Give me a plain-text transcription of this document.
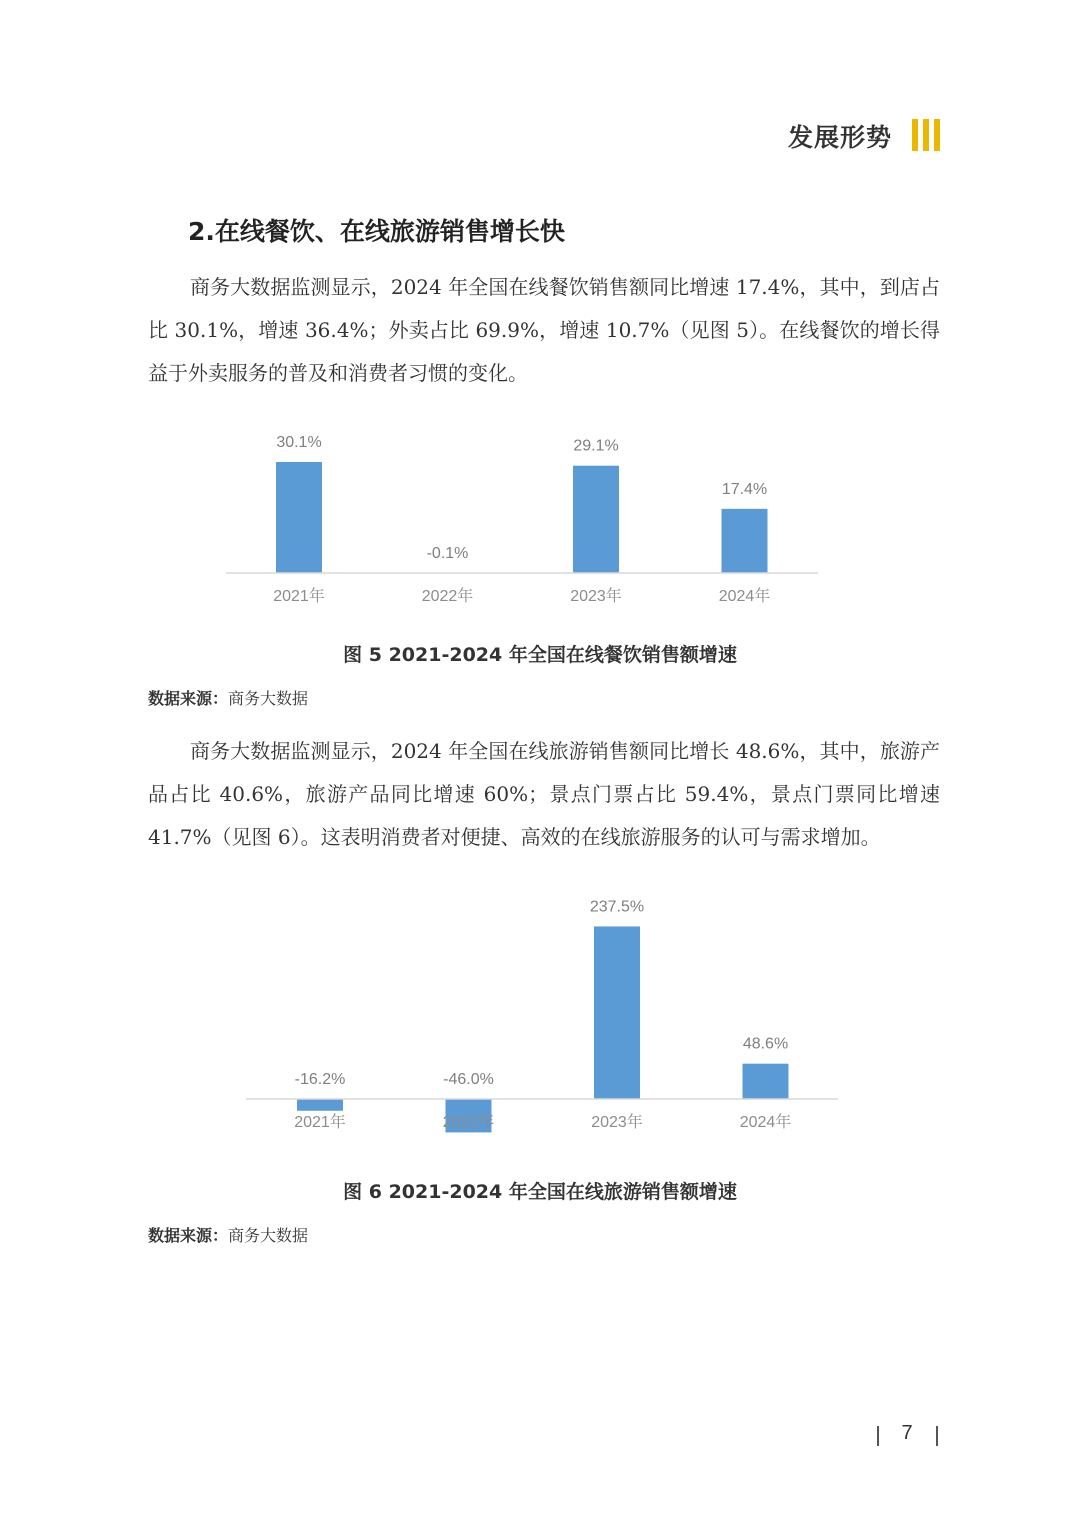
发展形势
2.在线餐饮、在线旅游销售增长快

商务大数据监测显示，2024 年全国在线餐饮销售额同比增速 17.4%，其中，到店占比 30.1%，增速 36.4%；外卖占比 69.9%，增速 10.7%（见图 5）。在线餐饮的增长得益于外卖服务的普及和消费者习惯的变化。

2021年	2022年	2023年	2024年
30.1%
-0.1%
29.1%
17.4%
图 5 2021-2024 年全国在线餐饮销售额增速
数据来源：商务大数据

商务大数据监测显示，2024 年全国在线旅游销售额同比增长 48.6%，其中，旅游产品占比 40.6%，旅游产品同比增速 60%；景点门票占比 59.4%，景点门票同比增速 41.7%（见图 6）。这表明消费者对便捷、高效的在线旅游服务的认可与需求增加。

2021年	2022年	2023年	2024年
-16.2%	-46.0%
237.5%
48.6%
图 6 2021-2024 年全国在线旅游销售额增速
数据来源：商务大数据
7
